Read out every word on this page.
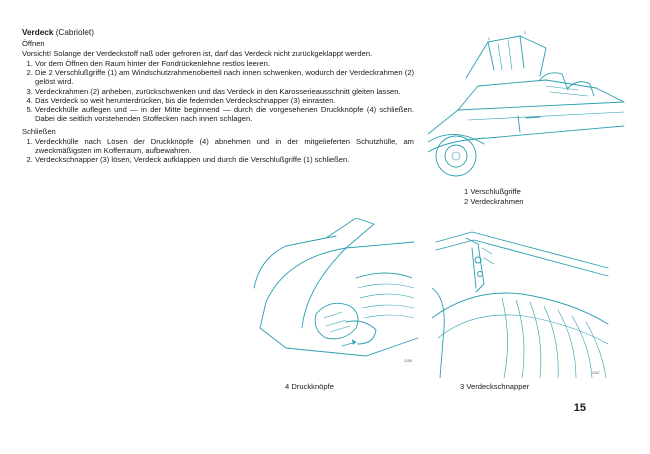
Verdeck (Cabriolet)
Öffnen
Vorsicht! Solange der Verdeckstoff naß oder gefroren ist, darf das Verdeck nicht zurückgeklappt werden.
1. Vor dem Öffnen den Raum hinter der Fondrückenlehne restlos leeren.
2. Die 2 Verschlußgriffe (1) am Windschutzrahmenoberteil nach innen schwenken, wodurch der Verdeckrahmen (2) gelöst wird.
3. Verdeckrahmen (2) anheben, zurückschwenken und das Verdeck in den Karosserieausschnitt gleiten lassen.
4. Das Verdeck so weit herunterdrücken, bis die federnden Verdeckschnapper (3) einrasten.
5. Verdeckhülle auflegen und — in der Mitte beginnend — durch die vorgesehenen Druckknöpfe (4) schließen. Dabei die seitlich vorstehenden Stoffecken nach innen schlagen.
Schließen
1. Verdeckhülle nach Lösen der Druckknöpfe (4) abnehmen und in der mitgelieferten Schutzhülle, am zweckmäßigsten im Kofferraum, aufbewahren.
2. Verdeckschnapper (3) lösen, Verdeck aufklappen und durch die Verschlußgriffe (1) schließen.
1
2
1 Verschlußgriffe
2 Verdeckrahmen
2155
4 Druckknöpfe
2167
3 Verdeckschnapper
15
